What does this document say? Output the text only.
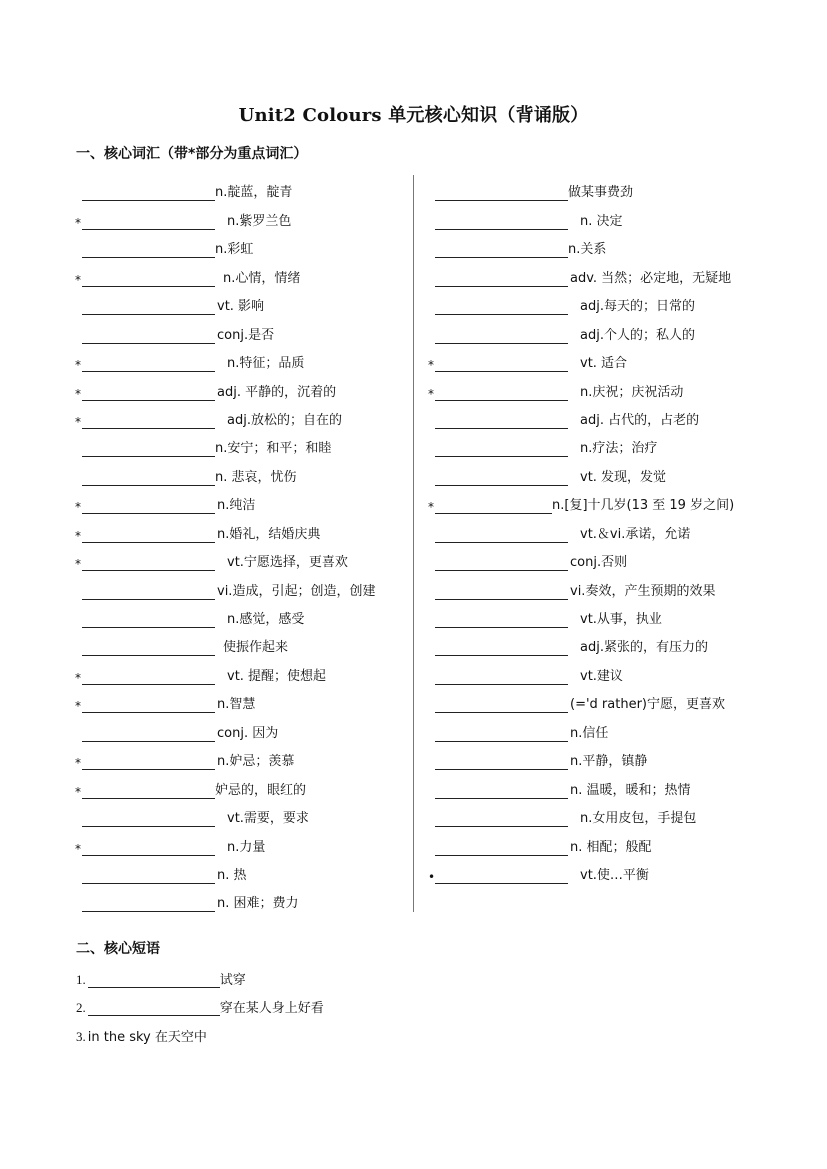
Unit2 Colours 单元核心知识（背诵版）
一、核心词汇（带*部分为重点词汇）
n.靛蓝，靛青
*	n.紫罗兰色
n.彩虹
*	n.心情，情绪
vt. 影响
conj.是否
*	n.特征；品质
*	adj. 平静的，沉着的
*	adj.放松的；自在的
n.安宁；和平；和睦
n. 悲哀，忧伤
*	n.纯洁
*	n.婚礼，结婚庆典
*	vt.宁愿选择，更喜欢
vi.造成，引起；创造，创建
n.感觉，感受
使振作起来
*	vt. 提醒；使想起
*	n.智慧
conj. 因为
*	n.妒忌；羡慕
*	妒忌的，眼红的
vt.需要，要求
*	n.力量
n. 热
n. 困难；费力
做某事费劲
n. 决定
n.关系
adv. 当然；必定地，无疑地
adj.每天的；日常的
adj.个人的；私人的
*	vt. 适合
*	n.庆祝；庆祝活动
adj. 占代的，占老的
n.疗法；治疗
vt. 发现，发觉
*	n.[复]十几岁(13 至 19 岁之间)
vt.＆vi.承诺，允诺
conj.否则
vi.奏效，产生预期的效果
vt.从事，执业
adj.紧张的，有压力的
vt.建议
(='d rather)宁愿，更喜欢
n.信任
n.平静，镇静
n. 温暖，暖和；热情
n.女用皮包，手提包
n. 相配；般配
•	vt.使…平衡
二、核心短语
1.	试穿
2.	穿在某人身上好看
3. in the sky 在天空中
